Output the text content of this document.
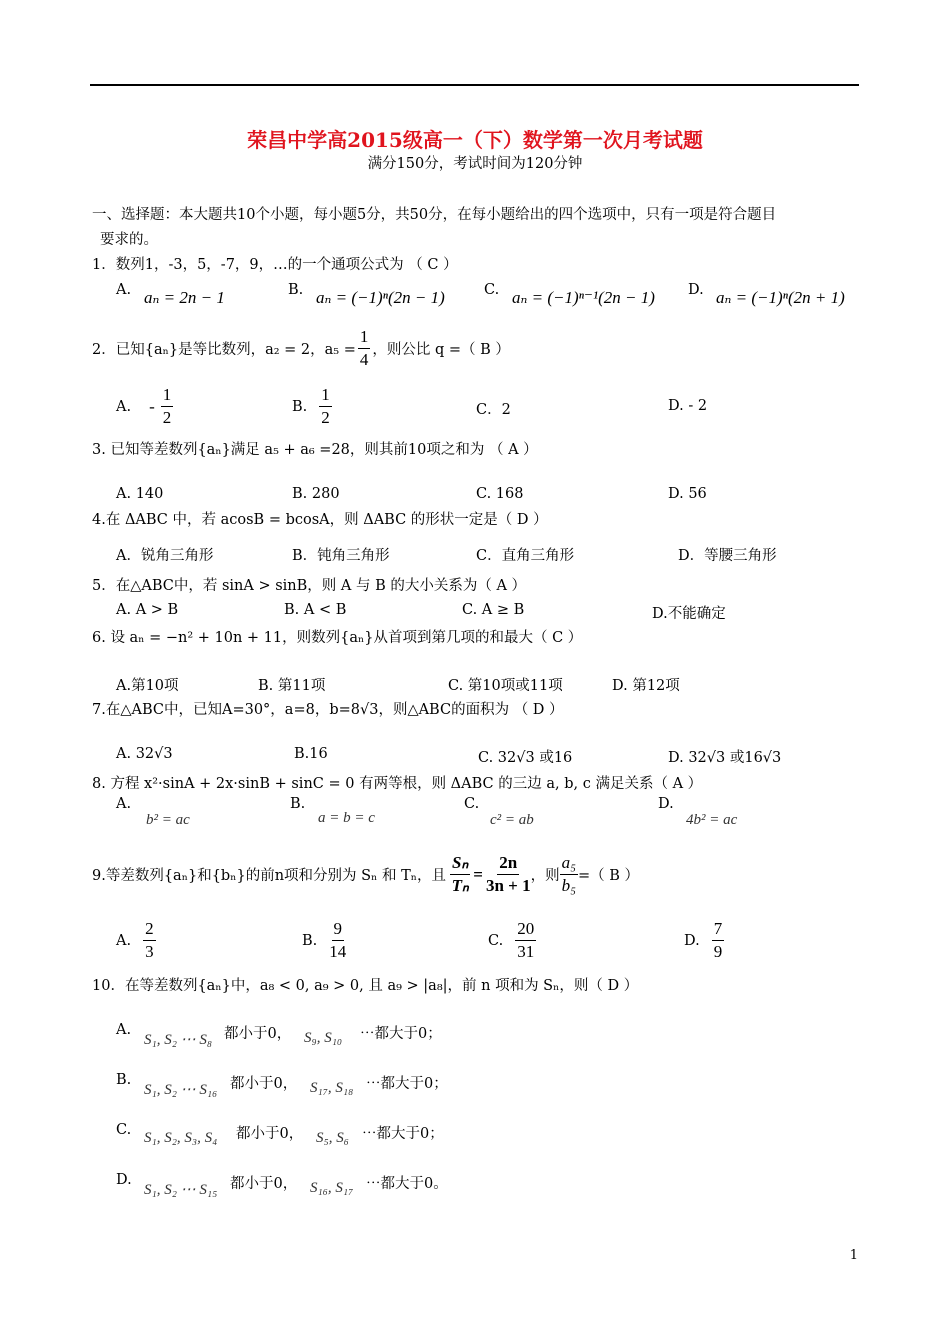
荣昌中学高2015级高一（下）数学第一次月考试题
满分150分，考试时间为120分钟
一、选择题：本大题共10个小题，每小题5分，共50分，在每小题给出的四个选项中，只有一项是符合题目
要求的。
1．数列1，-3，5，-7，9，…的一个通项公式为 （ C ）
A. aₙ = 2n − 1	B. aₙ = (−1)ⁿ(2n − 1)	C. aₙ = (−1)ⁿ⁻¹(2n − 1) D. aₙ = (−1)ⁿ(2n + 1)
2．已知{aₙ}是等比数列，a₂ = 2，$a_5 = \frac{1}{4}$ ，则公比 q =（ B ）
A. - $\frac{1}{2}$	B. $\frac{1}{2}$	C．2	D. - 2
3. 已知等差数列{aₙ}满足 a₅ + a₆ =28，则其前10项之和为 （ A ）
A. 140	B. 280	C. 168	D. 56
4.在 ΔABC 中，若 acosB = bcosA，则 ΔABC 的形状一定是（ D ）
A．锐角三角形	B．钝角三角形	C．直角三角形	D．等腰三角形
5．在△ABC中，若 sinA > sinB，则 A 与 B 的大小关系为（ A ）
A. A > B	B. A < B	C. A ≥ B	D.不能确定
6. 设 aₙ = −n² + 10n + 11，则数列{aₙ}从首项到第几项的和最大（ C ）
A.第10项	B. 第11项	C. 第10项或11项	D. 第12项
7.在△ABC中，已知A=30°，a=8，b=8√3，则△ABC的面积为 （ D ）
A. 32√3	B.16	C. 32√3 或16	D. 32√3 或16√3
8. 方程 x²·sinA + 2x·sinB + sinC = 0 有两等根，则 ΔABC 的三边 a, b, c 满足关系（ A ）
A.
b² = ac
B.
a = b = c
C.
c² = ab
D.
4b² = ac
9.等差数列{aₙ}和{bₙ}的前n项和分别为 Sₙ 和 Tₙ，且 $\frac{\text{Sₙ}}{\text{Tₙ}} = \frac{2n}{3n + 1}$ ，则 $\frac{\text{a₅}}{\text{b₅}}$ =（ B ）
A. $\frac{2}{3}$	B. $\frac{9}{14}$	C. $\frac{20}{31}$	D. $\frac{7}{9}$
10．在等差数列{aₙ}中，a₈ < 0, a₉ > 0, 且 a₉ > |a₈|，前 n 项和为 Sₙ，则（ D ）
A.
S₁, S₂ ⋯ S₈ 都小于0， S₉, S₁₀ ⋯都大于0；
B.
S₁, S₂ ⋯ S₁₆ 都小于0， S₁₇, S₁₈ ⋯都大于0；
C. S₁, S₂, S₃, S₄ 都小于0， S₅, S₆ ⋯都大于0；
D.
S₁, S₂ ⋯ S₁₅ 都小于0， S₁₆, S₁₇ ⋯都大于0。
1
